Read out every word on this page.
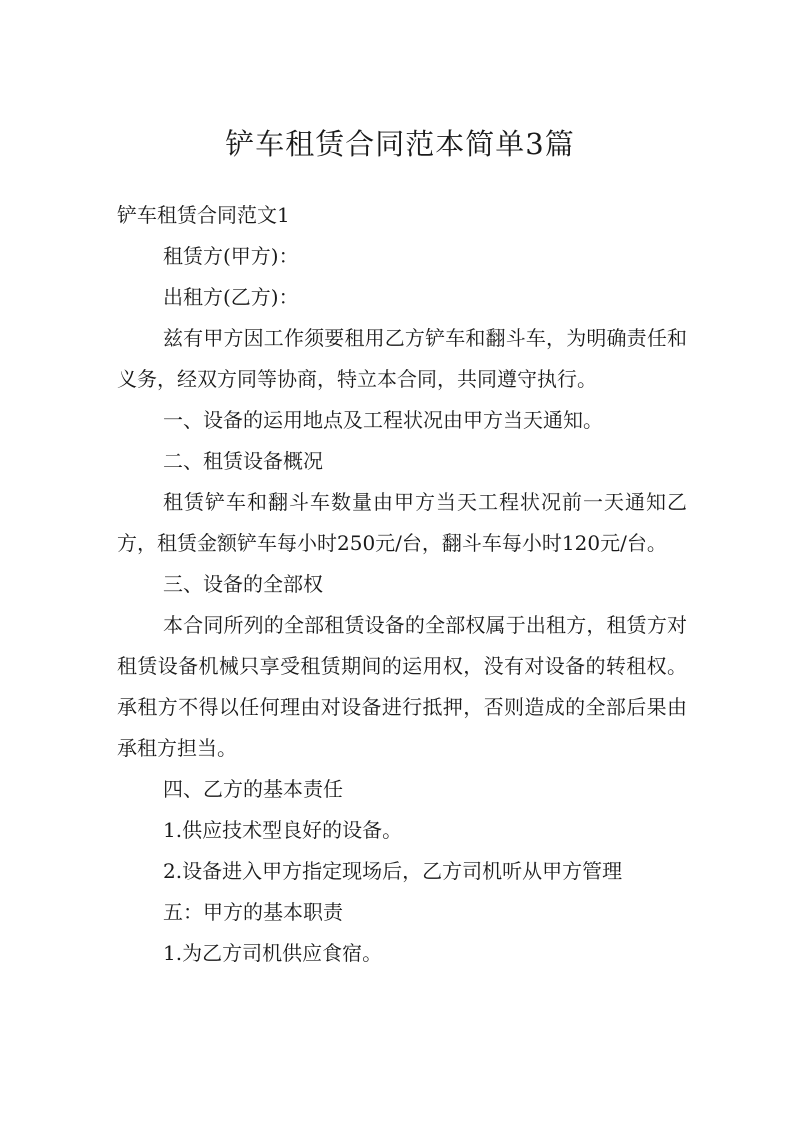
铲车租赁合同范本简单3篇

铲车租赁合同范文1

租赁方(甲方)：

出租方(乙方)：

兹有甲方因工作须要租用乙方铲车和翻斗车，为明确责任和义务，经双方同等协商，特立本合同，共同遵守执行。

一、设备的运用地点及工程状况由甲方当天通知。

二、租赁设备概况

租赁铲车和翻斗车数量由甲方当天工程状况前一天通知乙方，租赁金额铲车每小时250元/台，翻斗车每小时120元/台。

三、设备的全部权

本合同所列的全部租赁设备的全部权属于出租方，租赁方对租赁设备机械只享受租赁期间的运用权，没有对设备的转租权。承租方不得以任何理由对设备进行抵押，否则造成的全部后果由承租方担当。

四、乙方的基本责任

1.供应技术型良好的设备。

2.设备进入甲方指定现场后，乙方司机听从甲方管理

五：甲方的基本职责

1.为乙方司机供应食宿。
